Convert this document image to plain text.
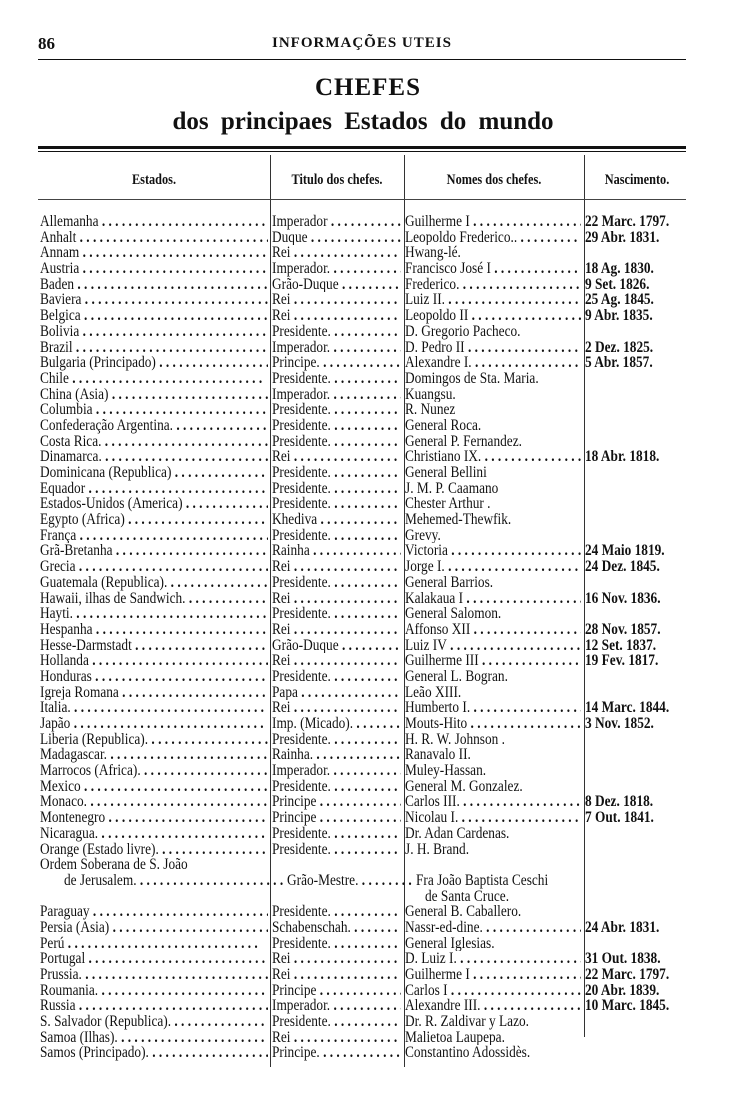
86	INFORMAÇÕES UTEIS
CHEFES
dos principaes Estados do mundo
Estados.	Titulo dos chefes.	Nomes dos chefes.	Nascimento.
Allemanha . . .	Imperador . . .	Guilherme I . . .	22 Marc. 1797.
Anhalt . . .	Duque . . .	Leopoldo Frederico.. . . .	29 Abr. 1831.
Annam . . .	Rei . . .	Hwang-lé.
Austria . . .	Imperador. . . .	Francisco José I . . .	18 Ag. 1830.
Baden . . .	Grão-Duque . . .	Frederico. . . .	9 Set. 1826.
Baviera . . .	Rei . . .	Luiz II. . . .	25 Ag. 1845.
Belgica . . .	Rei . . .	Leopoldo II . . .	9 Abr. 1835.
Bolivia . . .	Presidente. . . .	D. Gregorio Pacheco.
Brazil . . .	Imperador. . . .	D. Pedro II . . .	2 Dez. 1825.
Bulgaria (Principado) . . .	Principe. . . .	Alexandre I. . . .	5 Abr. 1857.
Chile . . .	Presidente. . . .	Domingos de Sta. Maria.
China (Asia) . . .	Imperador. . . .	Kuangsu.
Columbia . . .	Presidente. . . .	R. Nunez
Confederação Argentina. . . .	Presidente. . . .	General Roca.
Costa Rica. . . .	Presidente. . . .	General P. Fernandez.
Dinamarca. . . .	Rei . . .	Christiano IX. . . .	18 Abr. 1818.
Dominicana (Republica) . . .	Presidente. . . .	General Bellini
Equador . . .	Presidente. . . .	J. M. P. Caamano
Estados-Unidos (America) . . .	Presidente. . . .	Chester Arthur .
Egypto (Africa) . . .	Khediva . . .	Mehemed-Thewfik.
França . . .	Presidente. . . .	Grevy.
Grã-Bretanha . . .	Rainha . . .	Victoria . . .	24 Maio 1819.
Grecia . . .	Rei . . .	Jorge I. . . .	24 Dez. 1845.
Guatemala (Republica). . . .	Presidente. . . .	General Barrios.
Hawaii, ilhas de Sandwich. . . .	Rei . . .	Kalakaua I . . .	16 Nov. 1836.
Hayti. . . .	Presidente. . . .	General Salomon.
Hespanha . . .	Rei . . .	Affonso XII . . .	28 Nov. 1857.
Hesse-Darmstadt . . .	Grão-Duque . . .	Luiz IV . . .	12 Set. 1837.
Hollanda . . .	Rei . . .	Guilherme III . . .	19 Fev. 1817.
Honduras . . .	Presidente. . . .	General L. Bogran.
Igreja Romana . . .	Papa . . .	Leão XIII.
Italia. . . .	Rei . . .	Humberto I. . . .	14 Marc. 1844.
Japão . . .	Imp. (Micado). . . .	Mouts-Hito . . .	3 Nov. 1852.
Liberia (Republica). . . .	Presidente. . . .	H. R. W. Johnson .
Madagascar. . . .	Rainha. . . .	Ranavalo II.
Marrocos (Africa). . . .	Imperador. . . .	Muley-Hassan.
Mexico . . .	Presidente. . . .	General M. Gonzalez.
Monaco. . . .	Principe . . .	Carlos III. . . .	8 Dez. 1818.
Montenegro . . .	Principe . . .	Nicolau I. . . .	7 Out. 1841.
Nicaragua. . . .	Presidente. . . .	Dr. Adan Cardenas.
Orange (Estado livre). . . .	Presidente. . . .	J. H. Brand.
Ordem Soberana de S. João
de Jerusalem. . . .	Grão-Mestre. . . .	Fra João Baptista Ceschi
de Santa Cruce.
Paraguay . . .	Presidente. . . .	General B. Caballero.
Persia (Asia) . . .	Schabenschah. . . .	Nassr-ed-dine. . . .	24 Abr. 1831.
Perú . . .	Presidente. . . .	General Iglesias.
Portugal . . .	Rei . . .	D. Luiz I. . . .	31 Out. 1838.
Prussia. . . .	Rei . . .	Guilherme I . . .	22 Marc. 1797.
Roumania. . . .	Principe . . .	Carlos I . . .	20 Abr. 1839.
Russia . . .	Imperador. . . .	Alexandre III. . . .	10 Marc. 1845.
S. Salvador (Republica). . . .	Presidente. . . .	Dr. R. Zaldivar y Lazo.
Samoa (Ilhas). . . .	Rei . . .	Malietoa Laupepa.
Samos (Principado). . . .	Principe. . . .	Constantino Adossidès.
